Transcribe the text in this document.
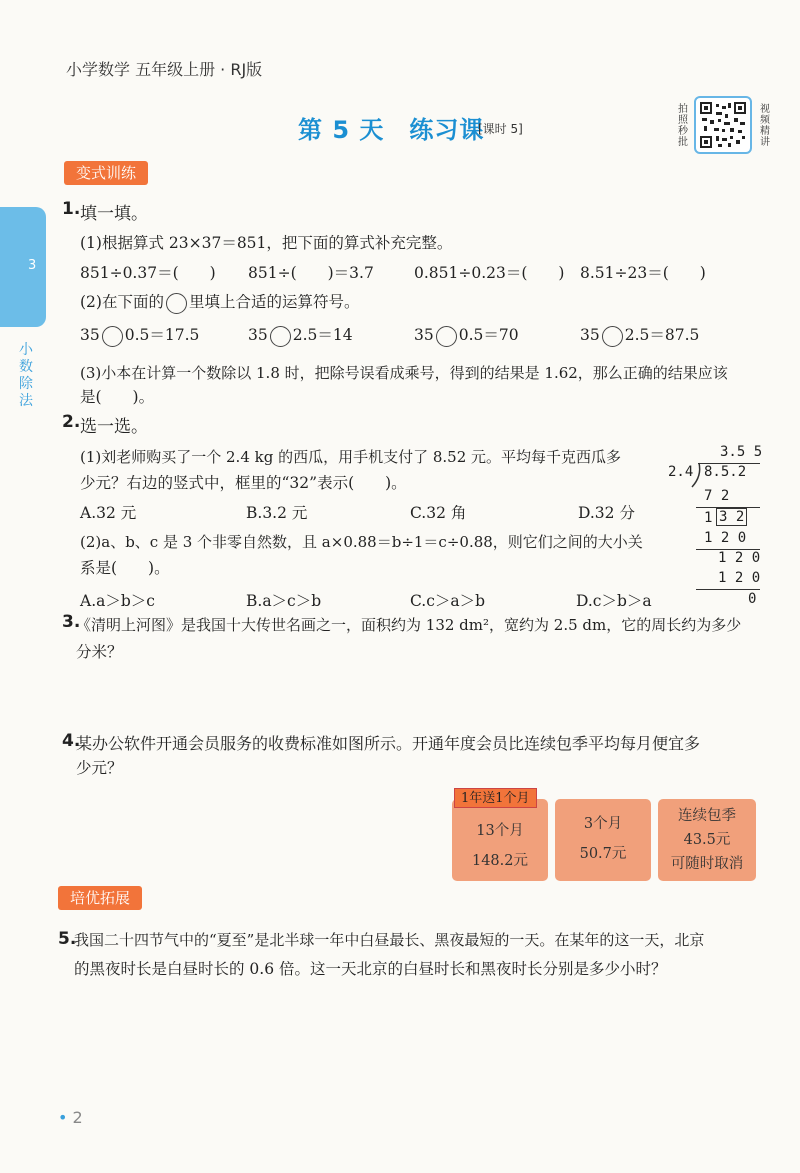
小学数学 五年级上册 · RJ版
第 5 天　练习课
[课时 5]
拍照秒批
视频精讲
3
小数除法
变式训练
1. 填一填。
(1)根据算式 23×37＝851，把下面的算式补充完整。
851÷0.37＝(　　) 851÷(　　)＝3.7	0.851÷0.23＝(　　) 8.51÷23＝(　　)
(2)在下面的 里填上合适的运算符号。
35 0.5＝17.5	35 2.5＝14	35 0.5＝70	35 2.5＝87.5
(3)小本在计算一个数除以 1.8 时，把除号误看成乘号，得到的结果是 1.62，那么正确的结果应该
是(　　)。
2. 选一选。
(1)刘老师购买了一个 2.4 kg 的西瓜，用手机支付了 8.52 元。平均每千克西瓜多
少元？右边的竖式中，框里的“32”表示(　　)。
A.32 元	B.3.2 元	C.32 角	D.32 分
(2)a、b、c 是 3 个非零自然数，且 a×0.88＝b÷1＝c÷0.88，则它们之间的大小关
系是(　　)。
A.a＞b＞c	B.a＞c＞b	C.c＞a＞b	D.c＞b＞a
3.5 5
2.4 8.5.2
7 2
1 3 2
1 2 0
1 2 0
1 2 0
0
3.
《清明上河图》是我国十大传世名画之一，面积约为 132 dm²，宽约为 2.5 dm，它的周长约为多少
分米？
4.
某办公软件开通会员服务的收费标准如图所示。开通年度会员比连续包季平均每月便宜多
少元？
13个月
148.2元
1年送1个月
3个月
50.7元
连续包季
43.5元
可随时取消
培优拓展
5.
我国二十四节气中的“夏至”是北半球一年中白昼最长、黑夜最短的一天。在某年的这一天，北京
的黑夜时长是白昼时长的 0.6 倍。这一天北京的白昼时长和黑夜时长分别是多少小时？
• 2
